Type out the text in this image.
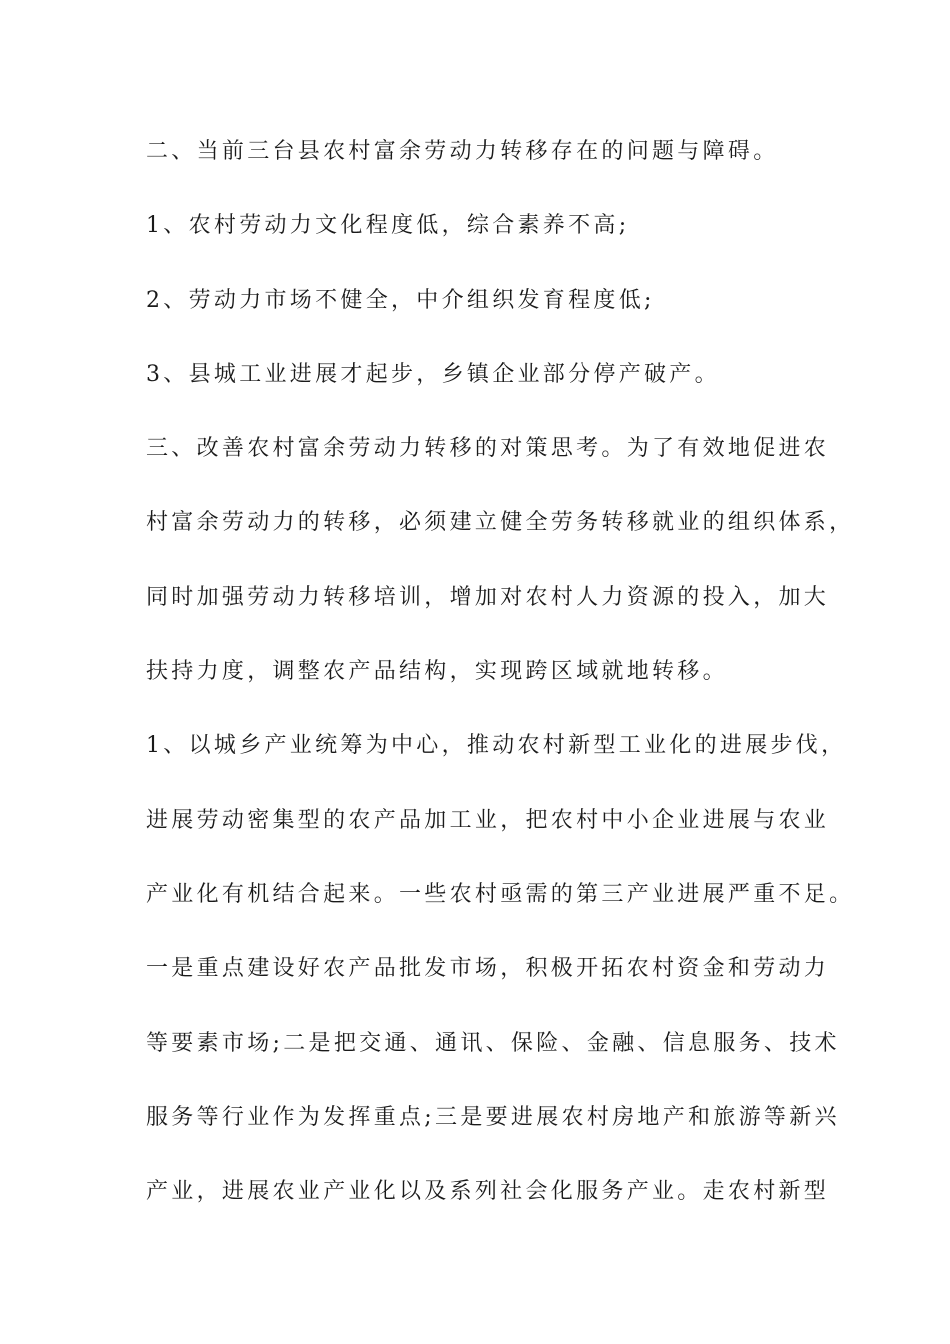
二、当前三台县农村富余劳动力转移存在的问题与障碍。
1、农村劳动力文化程度低，综合素养不高;
2、劳动力市场不健全，中介组织发育程度低;
3、县城工业进展才起步，乡镇企业部分停产破产。
三、改善农村富余劳动力转移的对策思考。为了有效地促进农
村富余劳动力的转移，必须建立健全劳务转移就业的组织体系，
同时加强劳动力转移培训，增加对农村人力资源的投入，加大
扶持力度，调整农产品结构，实现跨区域就地转移。
1、以城乡产业统筹为中心，推动农村新型工业化的进展步伐，
进展劳动密集型的农产品加工业，把农村中小企业进展与农业
产业化有机结合起来。一些农村亟需的第三产业进展严重不足。
一是重点建设好农产品批发市场，积极开拓农村资金和劳动力
等要素市场;二是把交通、通讯、保险、金融、信息服务、技术
服务等行业作为发挥重点;三是要进展农村房地产和旅游等新兴
产业，进展农业产业化以及系列社会化服务产业。走农村新型
